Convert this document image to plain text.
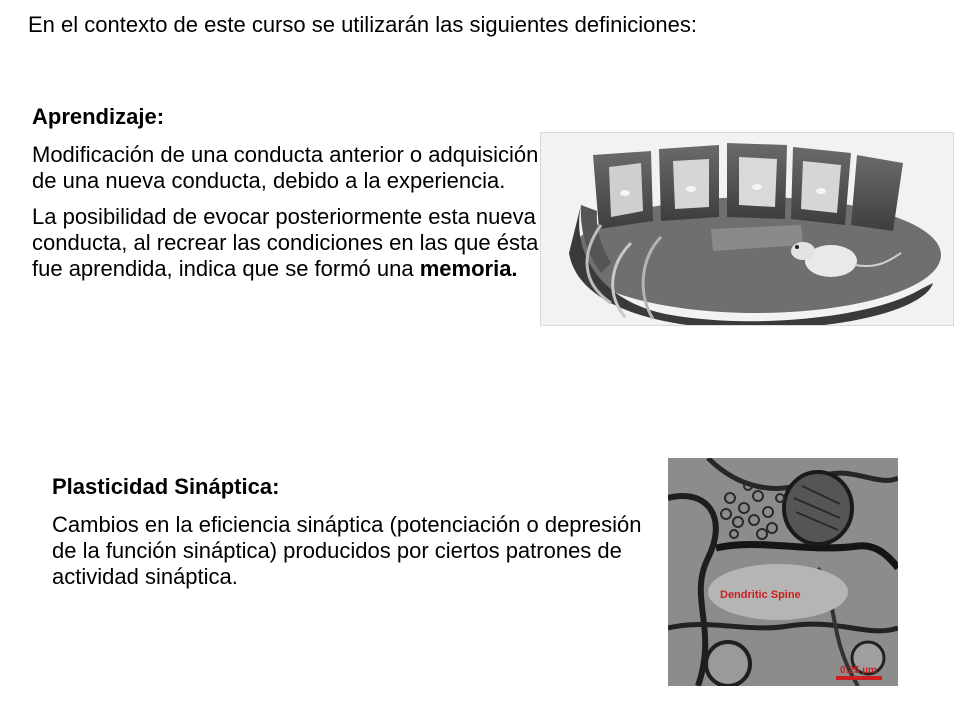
En el contexto de este curso se utilizarán las siguientes definiciones:
Aprendizaje:

Modificación de una conducta anterior o adquisición de una nueva conducta, debido a la experiencia.

La posibilidad de evocar posteriormente esta nueva conducta, al recrear las condiciones en las que ésta fue aprendida, indica que se formó una memoria.

Plasticidad Sináptica:

Cambios en la eficiencia sináptica (potenciación o depresión de la función sináptica) producidos por ciertos patrones de actividad sináptica.

Dendritic Spine
0.25 µm
